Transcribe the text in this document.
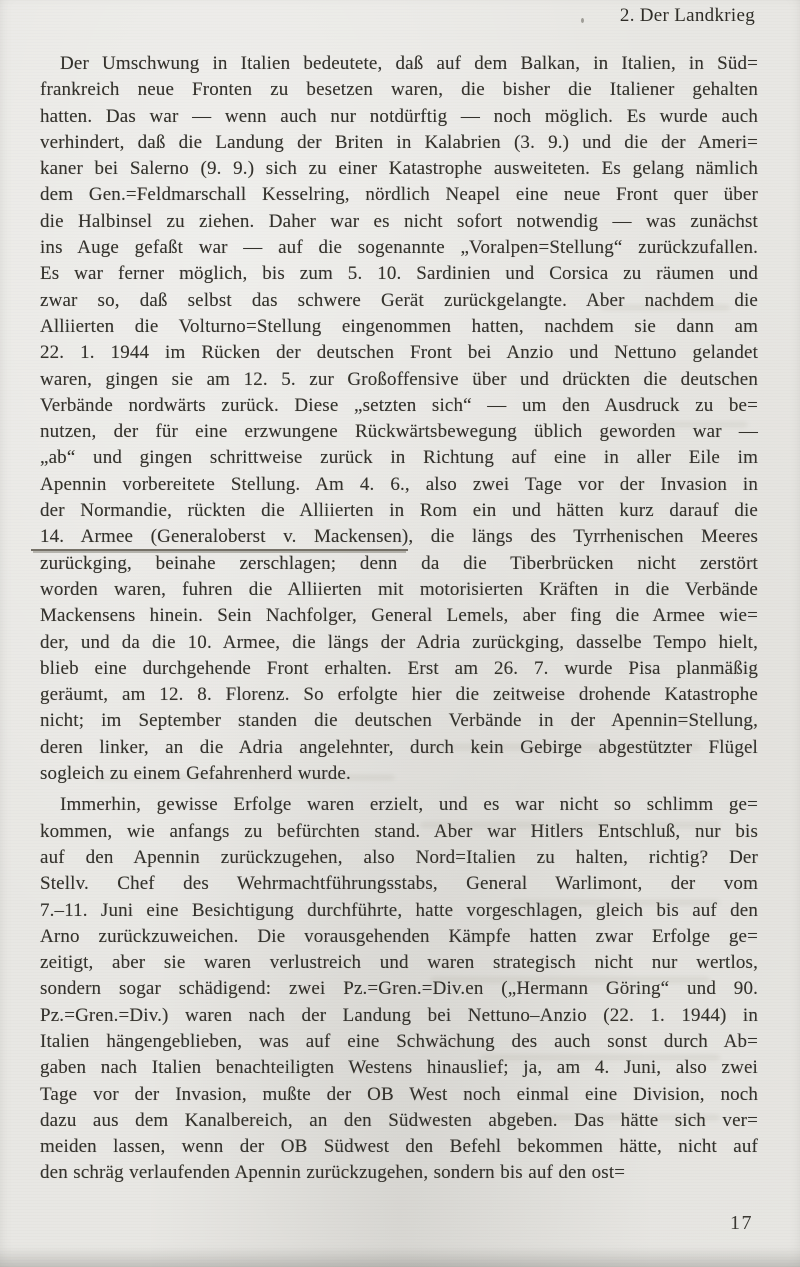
2. Der Landkrieg
Der Umschwung in Italien bedeutete, daß auf dem Balkan, in Italien, in Süd=
frankreich neue Fronten zu besetzen waren, die bisher die Italiener gehalten
hatten. Das war — wenn auch nur notdürftig — noch möglich. Es wurde auch
verhindert, daß die Landung der Briten in Kalabrien (3. 9.) und die der Ameri=
kaner bei Salerno (9. 9.) sich zu einer Katastrophe ausweiteten. Es gelang nämlich
dem Gen.=Feldmarschall Kesselring, nördlich Neapel eine neue Front quer über
die Halbinsel zu ziehen. Daher war es nicht sofort notwendig — was zunächst
ins Auge gefaßt war — auf die sogenannte „Voralpen=Stellung“ zurückzufallen.
Es war ferner möglich, bis zum 5. 10. Sardinien und Corsica zu räumen und
zwar so, daß selbst das schwere Gerät zurückgelangte. Aber nachdem die
Alliierten die Volturno=Stellung eingenommen hatten, nachdem sie dann am
22. 1. 1944 im Rücken der deutschen Front bei Anzio und Nettuno gelandet
waren, gingen sie am 12. 5. zur Großoffensive über und drückten die deutschen
Verbände nordwärts zurück. Diese „setzten sich“ — um den Ausdruck zu be=
nutzen, der für eine erzwungene Rückwärtsbewegung üblich geworden war —
„ab“ und gingen schrittweise zurück in Richtung auf eine in aller Eile im
Apennin vorbereitete Stellung. Am 4. 6., also zwei Tage vor der Invasion in
der Normandie, rückten die Alliierten in Rom ein und hätten kurz darauf die
14. Armee (Generaloberst v. Mackensen), die längs des Tyrrhenischen Meeres
zurückging, beinahe zerschlagen; denn da die Tiberbrücken nicht zerstört
worden waren, fuhren die Alliierten mit motorisierten Kräften in die Verbände
Mackensens hinein. Sein Nachfolger, General Lemels, aber fing die Armee wie=
der, und da die 10. Armee, die längs der Adria zurückging, dasselbe Tempo hielt,
blieb eine durchgehende Front erhalten. Erst am 26. 7. wurde Pisa planmäßig
geräumt, am 12. 8. Florenz. So erfolgte hier die zeitweise drohende Katastrophe
nicht; im September standen die deutschen Verbände in der Apennin=Stellung,
deren linker, an die Adria angelehnter, durch kein Gebirge abgestützter Flügel
sogleich zu einem Gefahrenherd wurde.
Immerhin, gewisse Erfolge waren erzielt, und es war nicht so schlimm ge=
kommen, wie anfangs zu befürchten stand. Aber war Hitlers Entschluß, nur bis
auf den Apennin zurückzugehen, also Nord=Italien zu halten, richtig? Der
Stellv. Chef des Wehrmachtführungsstabs, General Warlimont, der vom
7.–11. Juni eine Besichtigung durchführte, hatte vorgeschlagen, gleich bis auf den
Arno zurückzuweichen. Die vorausgehenden Kämpfe hatten zwar Erfolge ge=
zeitigt, aber sie waren verlustreich und waren strategisch nicht nur wertlos,
sondern sogar schädigend: zwei Pz.=Gren.=Div.en („Hermann Göring“ und 90.
Pz.=Gren.=Div.) waren nach der Landung bei Nettuno–Anzio (22. 1. 1944) in
Italien hängengeblieben, was auf eine Schwächung des auch sonst durch Ab=
gaben nach Italien benachteiligten Westens hinauslief; ja, am 4. Juni, also zwei
Tage vor der Invasion, mußte der OB West noch einmal eine Division, noch
dazu aus dem Kanalbereich, an den Südwesten abgeben. Das hätte sich ver=
meiden lassen, wenn der OB Südwest den Befehl bekommen hätte, nicht auf
den schräg verlaufenden Apennin zurückzugehen, sondern bis auf den ost=
17
